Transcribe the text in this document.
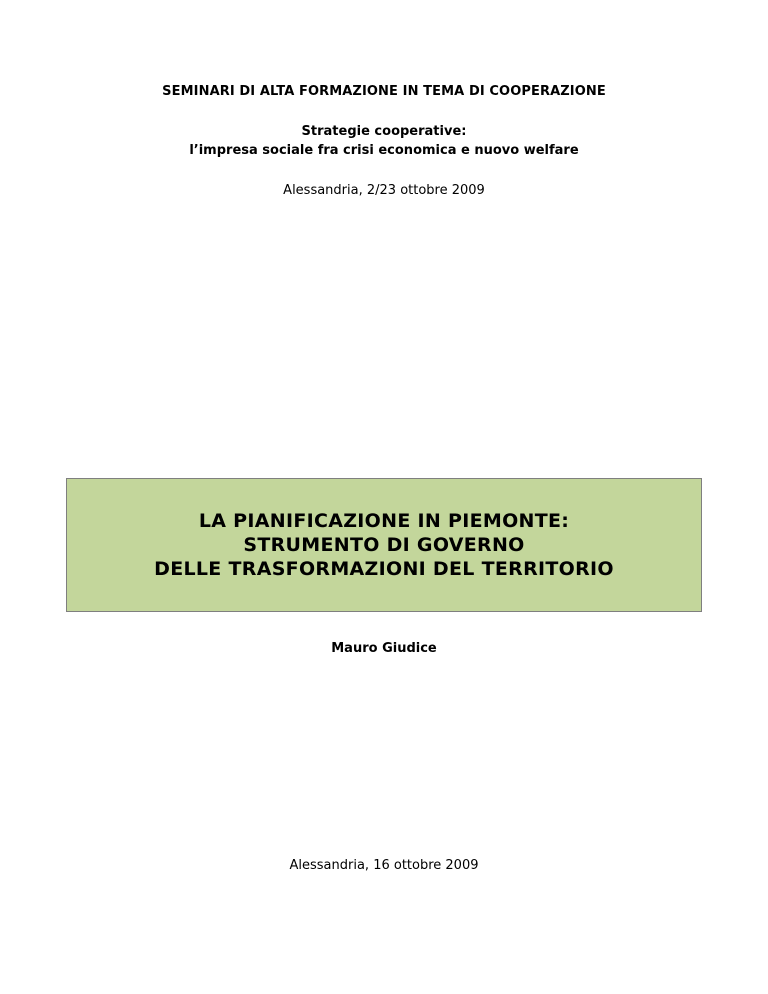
SEMINARI DI ALTA FORMAZIONE IN TEMA DI COOPERAZIONE
Strategie cooperative:
l’impresa sociale fra crisi economica e nuovo welfare
Alessandria, 2/23 ottobre 2009
LA PIANIFICAZIONE IN PIEMONTE:
STRUMENTO DI GOVERNO
DELLE TRASFORMAZIONI DEL TERRITORIO
Mauro Giudice
Alessandria, 16 ottobre 2009
